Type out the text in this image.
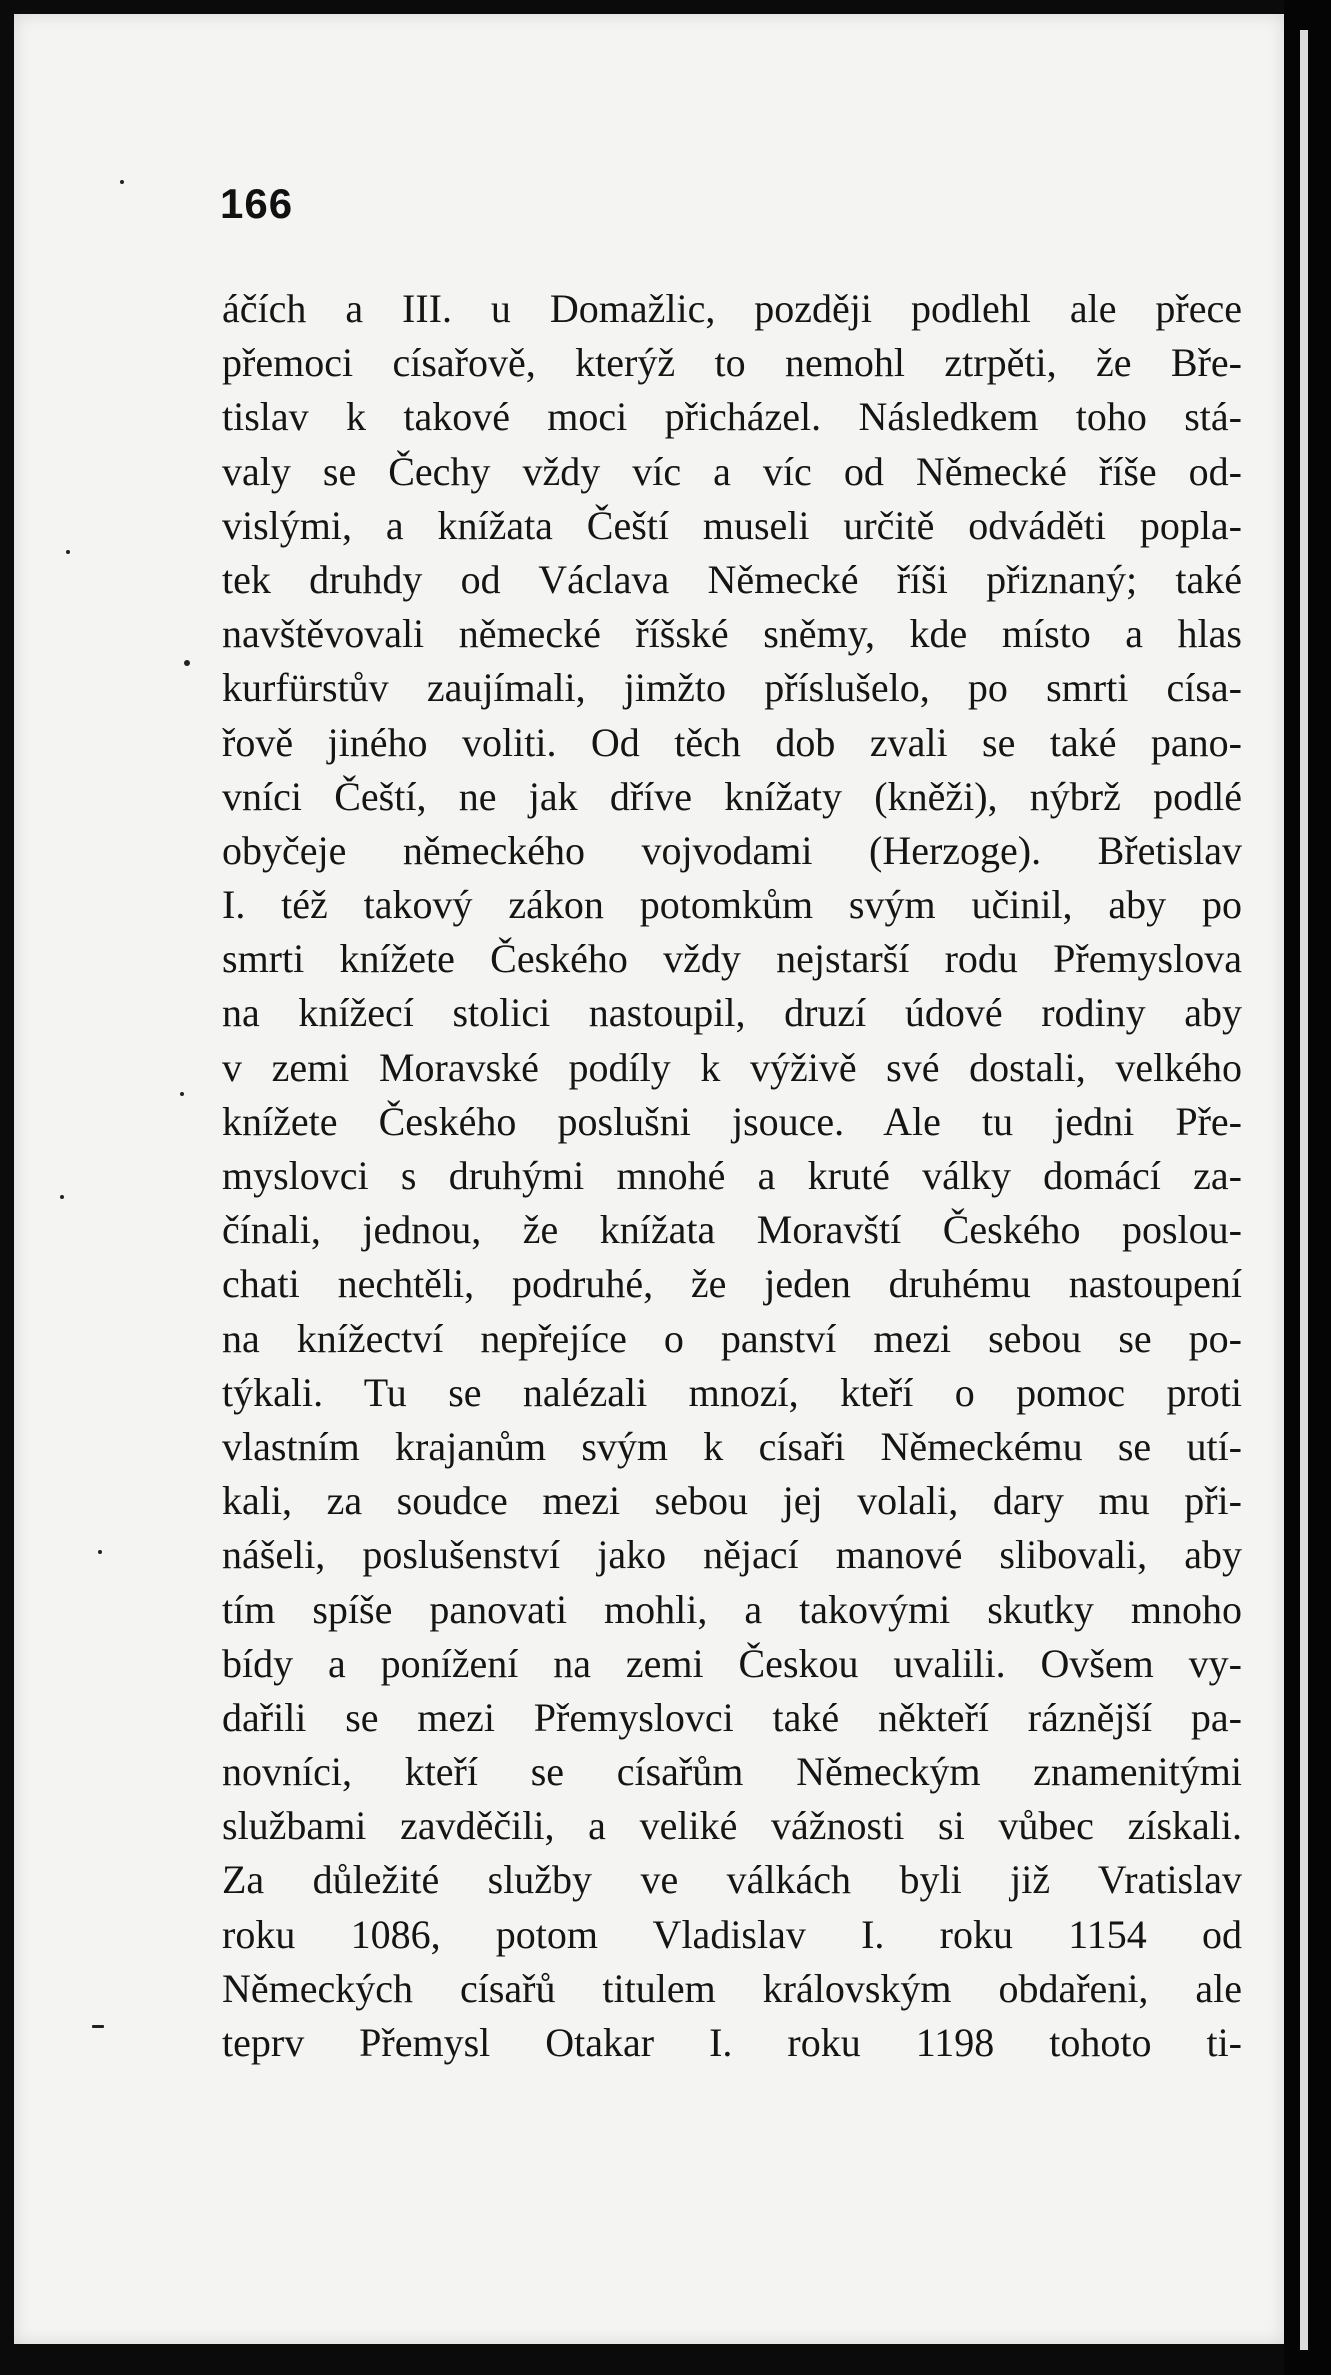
166
áčích a III. u Domažlic, později podlehl ale přece
přemoci císařově, kterýž to nemohl ztrpěti, že Bře-
tislav k takové moci přicházel. Následkem toho stá-
valy se Čechy vždy víc a víc od Německé říše od-
vislými, a knížata Čeští museli určitě odváděti popla-
tek druhdy od Václava Německé říši přiznaný; také
navštěvovali německé říšské sněmy, kde místo a hlas
kurfürstův zaujímali, jimžto příslušelo, po smrti císa-
řově jiného voliti. Od těch dob zvali se také pano-
vníci Čeští, ne jak dříve knížaty (kněži), nýbrž podlé
obyčeje německého vojvodami (Herzoge). Břetislav
I. též takový zákon potomkům svým učinil, aby po
smrti knížete Českého vždy nejstarší rodu Přemyslova
na knížecí stolici nastoupil, druzí údové rodiny aby
v zemi Moravské podíly k výživě své dostali, velkého
knížete Českého poslušni jsouce. Ale tu jedni Pře-
myslovci s druhými mnohé a kruté války domácí za-
čínali, jednou, že knížata Moravští Českého poslou-
chati nechtěli, podruhé, že jeden druhému nastoupení
na knížectví nepřejíce o panství mezi sebou se po-
týkali. Tu se nalézali mnozí, kteří o pomoc proti
vlastním krajanům svým k císaři Německému se utí-
kali, za soudce mezi sebou jej volali, dary mu při-
nášeli, poslušenství jako nějací manové slibovali, aby
tím spíše panovati mohli, a takovými skutky mnoho
bídy a ponížení na zemi Českou uvalili. Ovšem vy-
dařili se mezi Přemyslovci také někteří ráznější pa-
novníci, kteří se císařům Německým znamenitými
službami zavděčili, a veliké vážnosti si vůbec získali.
Za důležité služby ve válkách byli již Vratislav
roku 1086, potom Vladislav I. roku 1154 od
Německých císařů titulem královským obdařeni, ale
teprv Přemysl Otakar I. roku 1198 tohoto ti-
